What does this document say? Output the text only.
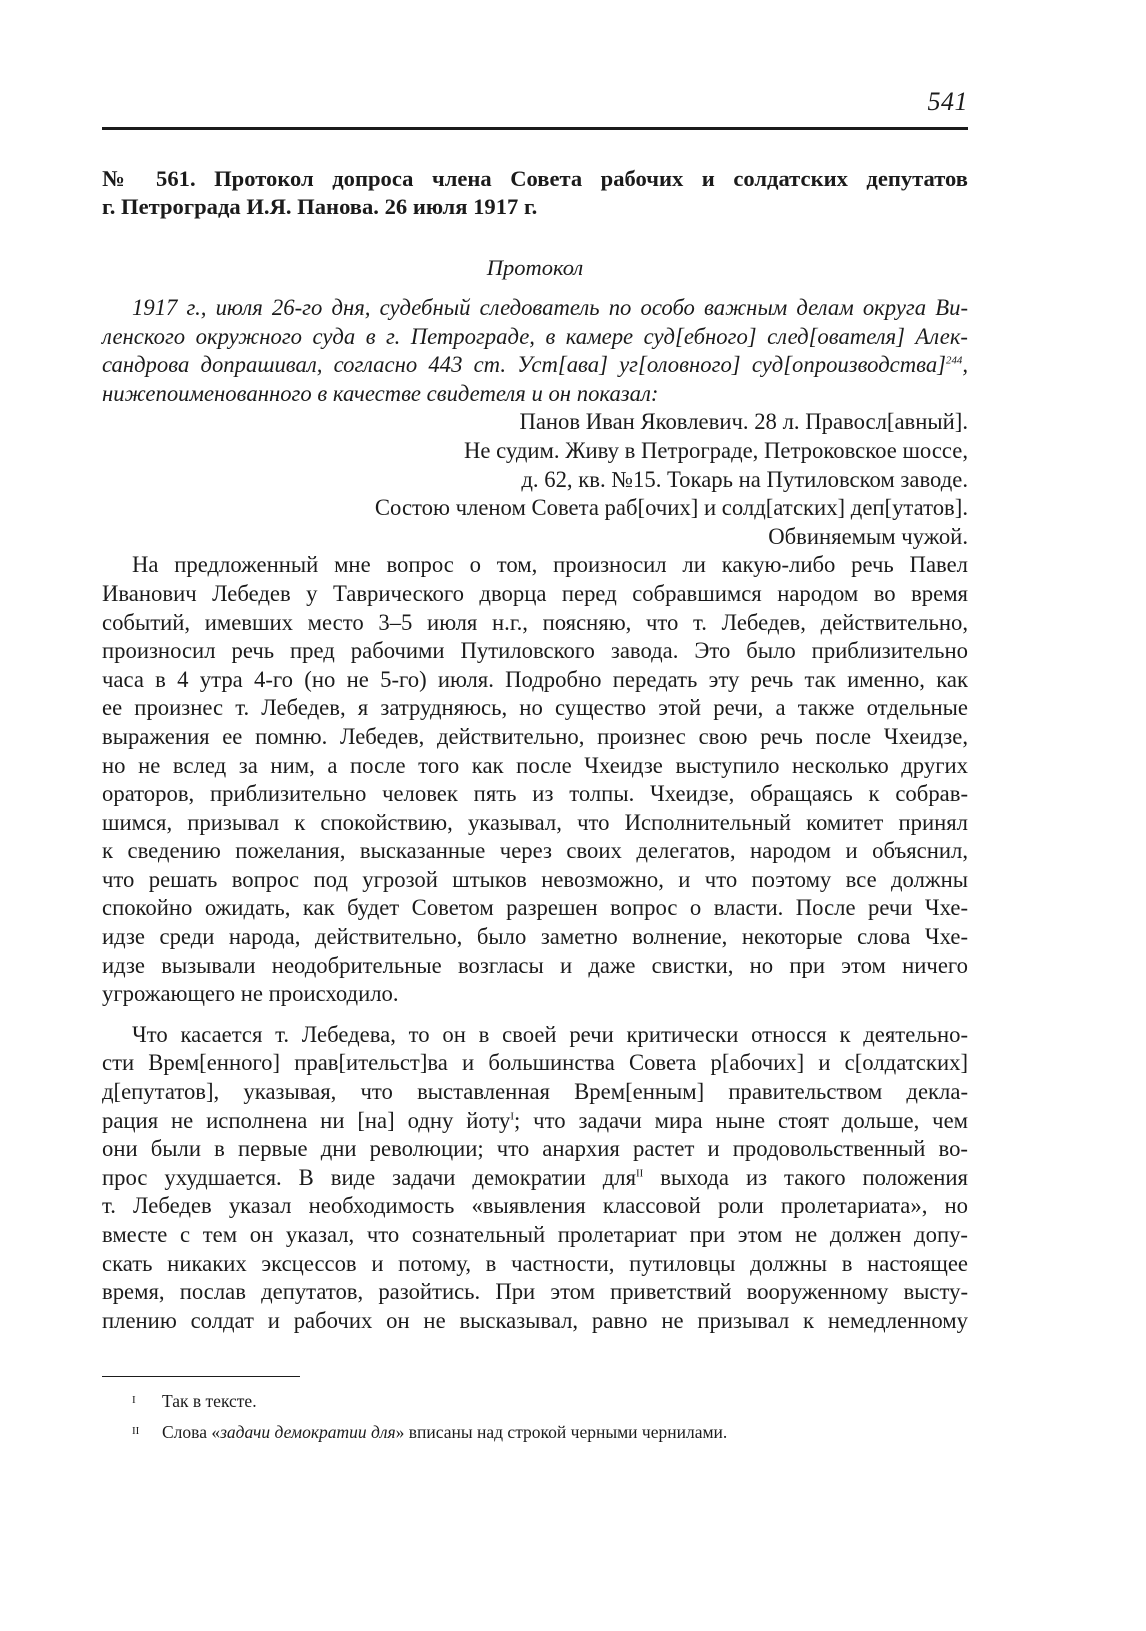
541
№ 561. Протокол допроса члена Совета рабочих и солдатских депутатов
г. Петрограда И.Я. Панова. 26 июля 1917 г.
Протокол
1917 г., июля 26-го дня, судебный следователь по особо важным делам округа Ви-
ленского окружного суда в г. Петрограде, в камере суд[ебного] след[ователя] Алек-
сандрова допрашивал, согласно 443 ст. Уст[ава] уг[оловного] суд[опроизводства]$^{244}$,
нижепоименованного в качестве свидетеля и он показал:
Панов Иван Яковлевич. 28 л. Правосл[авный].
Не судим. Живу в Петрограде, Петроковское шоссе,
д. 62, кв. №15. Токарь на Путиловском заводе.
Состою членом Совета раб[очих] и солд[атских] деп[утатов].
Обвиняемым чужой.
На предложенный мне вопрос о том, произносил ли какую-либо речь Павел
Иванович Лебедев у Таврического дворца перед собравшимся народом во время
событий, имевших место 3–5 июля н.г., поясняю, что т. Лебедев, действительно,
произносил речь пред рабочими Путиловского завода. Это было приблизительно
часа в 4 утра 4-го (но не 5-го) июля. Подробно передать эту речь так именно, как
ее произнес т. Лебедев, я затрудняюсь, но существо этой речи, а также отдельные
выражения ее помню. Лебедев, действительно, произнес свою речь после Чхеидзе,
но не вслед за ним, а после того как после Чхеидзе выступило несколько других
ораторов, приблизительно человек пять из толпы. Чхеидзе, обращаясь к собрав-
шимся, призывал к спокойствию, указывал, что Исполнительный комитет принял
к сведению пожелания, высказанные через своих делегатов, народом и объяснил,
что решать вопрос под угрозой штыков невозможно, и что поэтому все должны
спокойно ожидать, как будет Советом разрешен вопрос о власти. После речи Чхе-
идзе среди народа, действительно, было заметно волнение, некоторые слова Чхе-
идзе вызывали неодобрительные возгласы и даже свистки, но при этом ничего
угрожающего не происходило.
Что касается т. Лебедева, то он в своей речи критически относся к деятельно-
сти Врем[енного] прав[ительст]ва и большинства Совета р[абочих] и с[олдатских]
д[епутатов], указывая, что выставленная Врем[енным] правительством декла-
рация не исполнена ни [на] одну йоту$^I$; что задачи мира ныне стоят дольше, чем
они были в первые дни революции; что анархия растет и продовольственный во-
прос ухудшается. В виде задачи демократии для$^{II}$ выхода из такого положения
т. Лебедев указал необходимость «выявления классовой роли пролетариата», но
вместе с тем он указал, что сознательный пролетариат при этом не должен допу-
скать никаких эксцессов и потому, в частности, путиловцы должны в настоящее
время, послав депутатов, разойтись. При этом приветствий вооруженному высту-
плению солдат и рабочих он не высказывал, равно не призывал к немедленному
I Так в тексте.
II Слова «задачи демократии для» вписаны над строкой черными чернилами.
